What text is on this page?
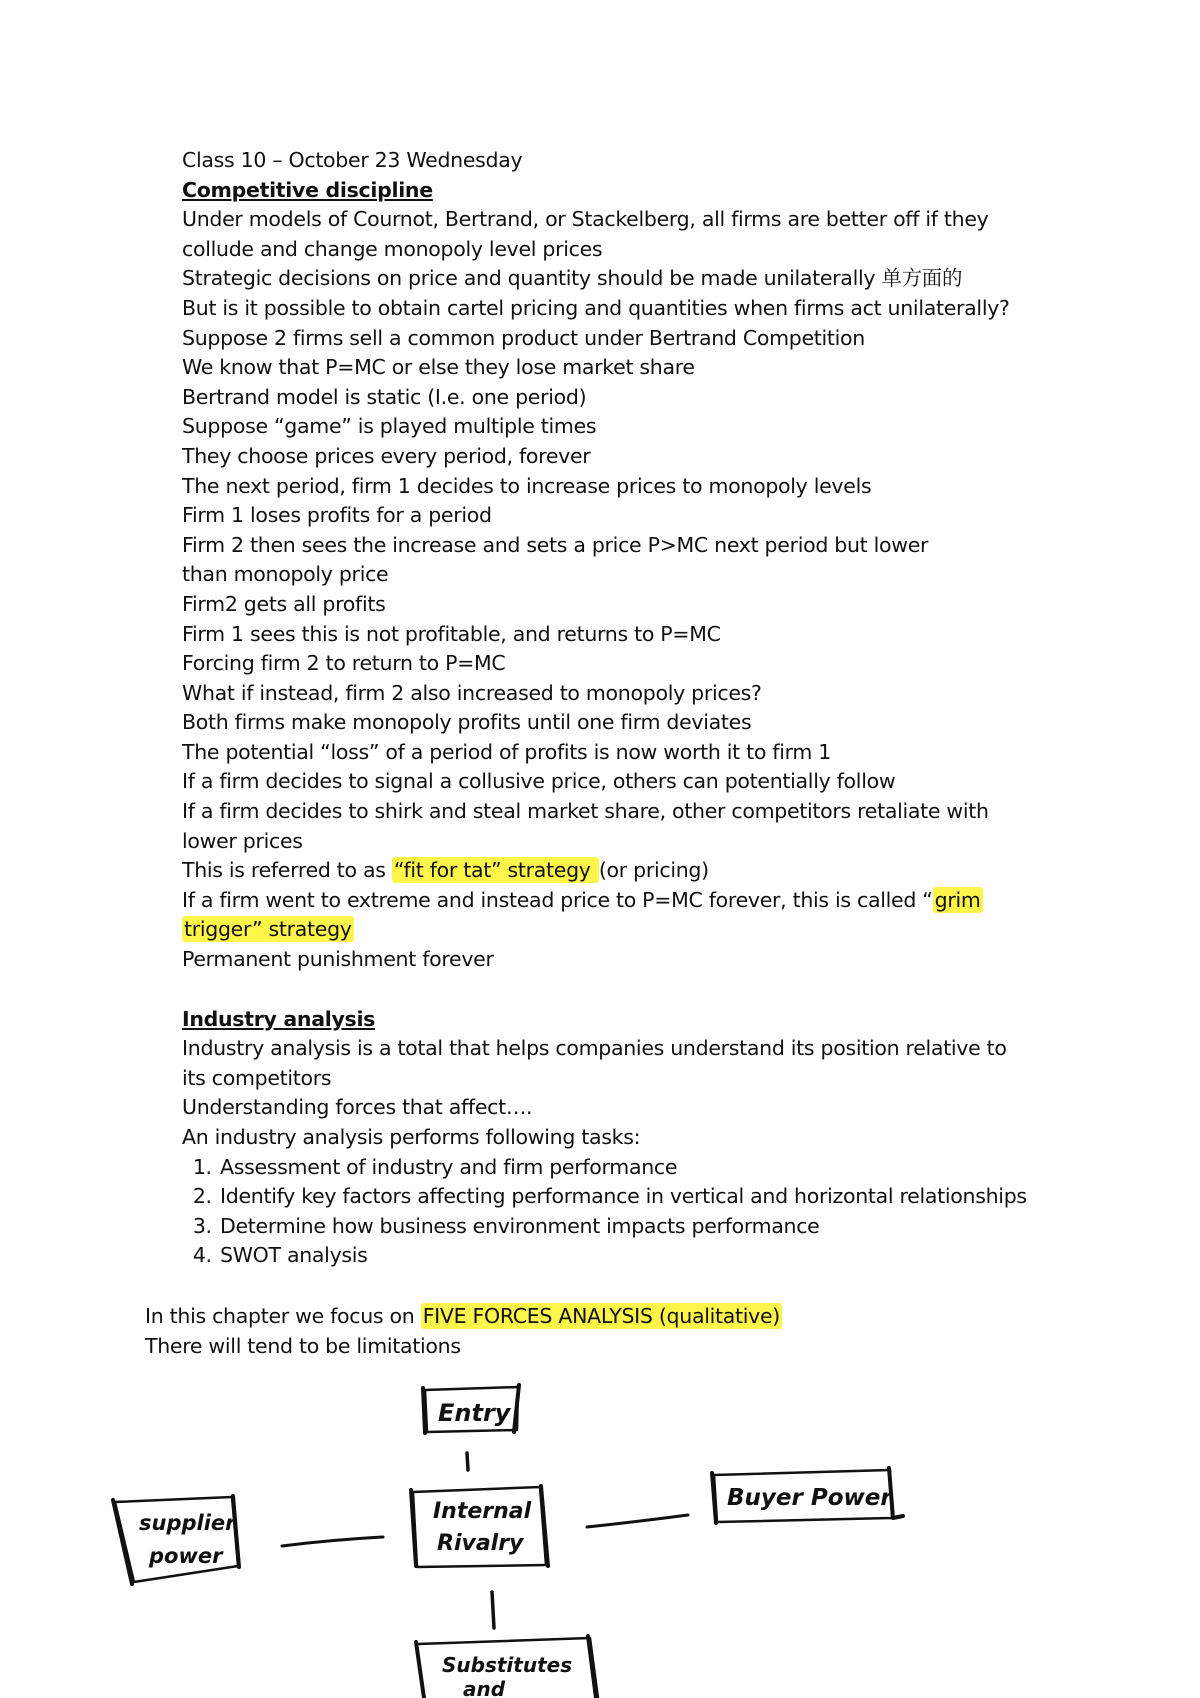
Class 10 – October 23 Wednesday
Competitive discipline
Under models of Cournot, Bertrand, or Stackelberg, all firms are better off if they collude and change monopoly level prices
Strategic decisions on price and quantity should be made unilaterally 单方面的
But is it possible to obtain cartel pricing and quantities when firms act unilaterally?
Suppose 2 firms sell a common product under Bertrand Competition
We know that P=MC or else they lose market share
Bertrand model is static (I.e. one period)
Suppose “game” is played multiple times
They choose prices every period, forever
The next period, firm 1 decides to increase prices to monopoly levels
Firm 1 loses profits for a period
Firm 2 then sees the increase and sets a price P>MC next period but lower than monopoly price
Firm2 gets all profits
Firm 1 sees this is not profitable, and returns to P=MC
Forcing firm 2 to return to P=MC
What if instead, firm 2 also increased to monopoly prices?
Both firms make monopoly profits until one firm deviates
The potential “loss” of a period of profits is now worth it to firm 1
If a firm decides to signal a collusive price, others can potentially follow
If a firm decides to shirk and steal market share, other competitors retaliate with lower prices
This is referred to as “fit for tat” strategy (or pricing)
If a firm went to extreme and instead price to P=MC forever, this is called “grim trigger” strategy
Permanent punishment forever
Industry analysis
Industry analysis is a total that helps companies understand its position relative to its competitors
Understanding forces that affect….
An industry analysis performs following tasks:
1. Assessment of industry and firm performance
2. Identify key factors affecting performance in vertical and horizontal relationships
3. Determine how business environment impacts performance
4. SWOT analysis
In this chapter we focus on FIVE FORCES ANALYSIS (qualitative)
There will tend to be limitations
Entry
Internal
Rivalry
supplier
power
Buyer Power
Substitutes
and
